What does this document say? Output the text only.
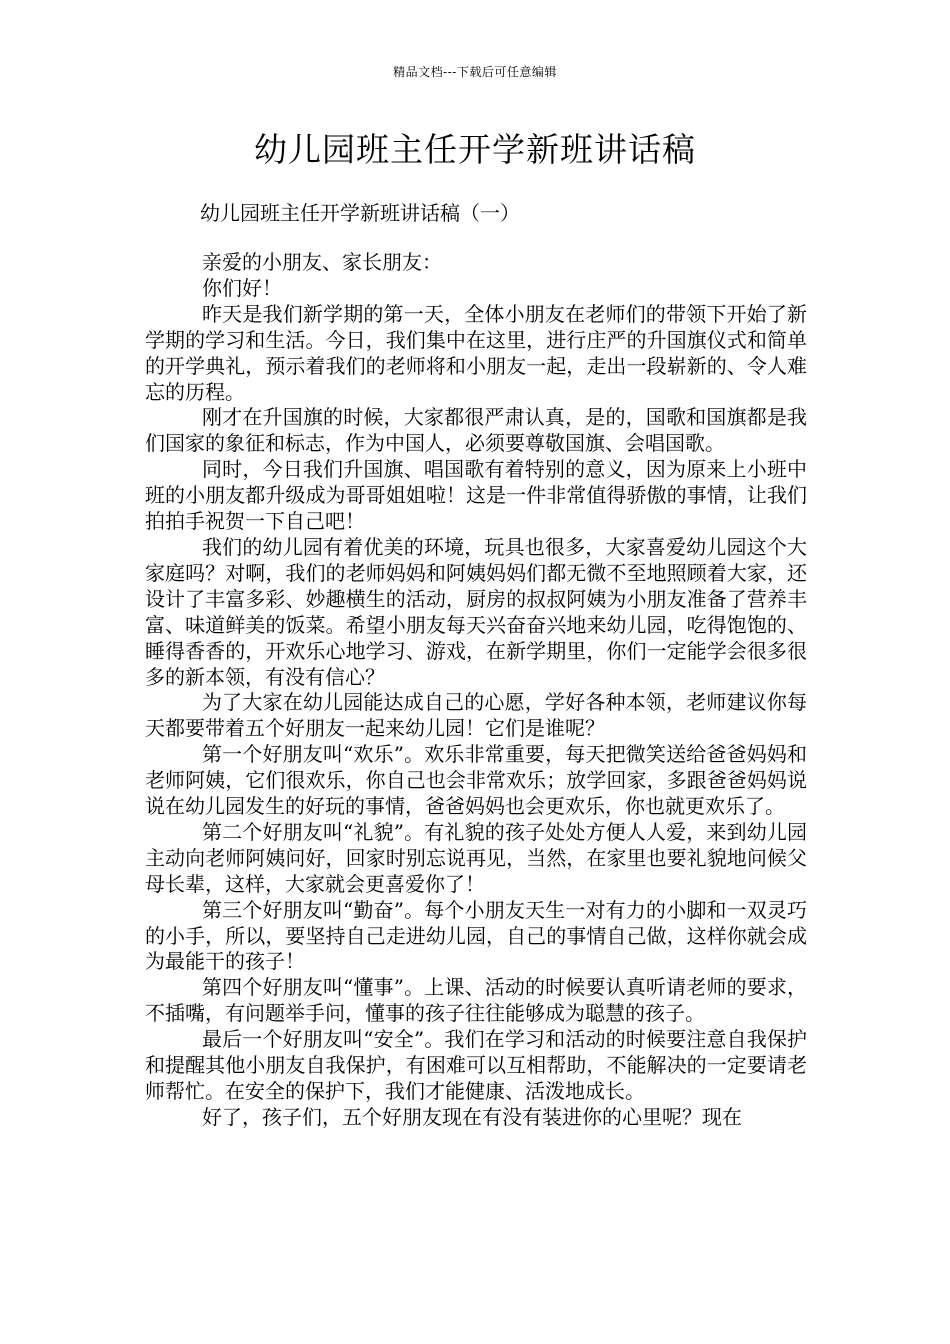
精品文档---下载后可任意编辑
幼儿园班主任开学新班讲话稿
幼儿园班主任开学新班讲话稿（一）

亲爱的小朋友、家长朋友：

你们好！

昨天是我们新学期的第一天，全体小朋友在老师们的带领下开始了新学期的学习和生活。今日，我们集中在这里，进行庄严的升国旗仪式和简单的开学典礼，预示着我们的老师将和小朋友一起，走出一段崭新的、令人难忘的历程。

刚才在升国旗的时候，大家都很严肃认真，是的，国歌和国旗都是我们国家的象征和标志，作为中国人，必须要尊敬国旗、会唱国歌。

同时，今日我们升国旗、唱国歌有着特别的意义，因为原来上小班中班的小朋友都升级成为哥哥姐姐啦！这是一件非常值得骄傲的事情，让我们拍拍手祝贺一下自己吧！

我们的幼儿园有着优美的环境，玩具也很多，大家喜爱幼儿园这个大家庭吗？对啊，我们的老师妈妈和阿姨妈妈们都无微不至地照顾着大家，还设计了丰富多彩、妙趣横生的活动，厨房的叔叔阿姨为小朋友准备了营养丰富、味道鲜美的饭菜。希望小朋友每天兴奋奋兴地来幼儿园，吃得饱饱的、睡得香香的，开欢乐心地学习、游戏，在新学期里，你们一定能学会很多很多的新本领，有没有信心？

为了大家在幼儿园能达成自己的心愿，学好各种本领，老师建议你每天都要带着五个好朋友一起来幼儿园！它们是谁呢？

第一个好朋友叫“欢乐”。欢乐非常重要，每天把微笑送给爸爸妈妈和老师阿姨，它们很欢乐，你自己也会非常欢乐；放学回家，多跟爸爸妈妈说说在幼儿园发生的好玩的事情，爸爸妈妈也会更欢乐，你也就更欢乐了。

第二个好朋友叫“礼貌”。有礼貌的孩子处处方便人人爱，来到幼儿园主动向老师阿姨问好，回家时别忘说再见，当然，在家里也要礼貌地问候父母长辈，这样，大家就会更喜爱你了！

第三个好朋友叫“勤奋”。每个小朋友天生一对有力的小脚和一双灵巧的小手，所以，要坚持自己走进幼儿园，自己的事情自己做，这样你就会成为最能干的孩子！

第四个好朋友叫“懂事”。上课、活动的时候要认真听请老师的要求，不插嘴，有问题举手问，懂事的孩子往往能够成为聪慧的孩子。

最后一个好朋友叫“安全”。我们在学习和活动的时候要注意自我保护和提醒其他小朋友自我保护，有困难可以互相帮助，不能解决的一定要请老师帮忙。在安全的保护下，我们才能健康、活泼地成长。

好了，孩子们，五个好朋友现在有没有装进你的心里呢？现在
